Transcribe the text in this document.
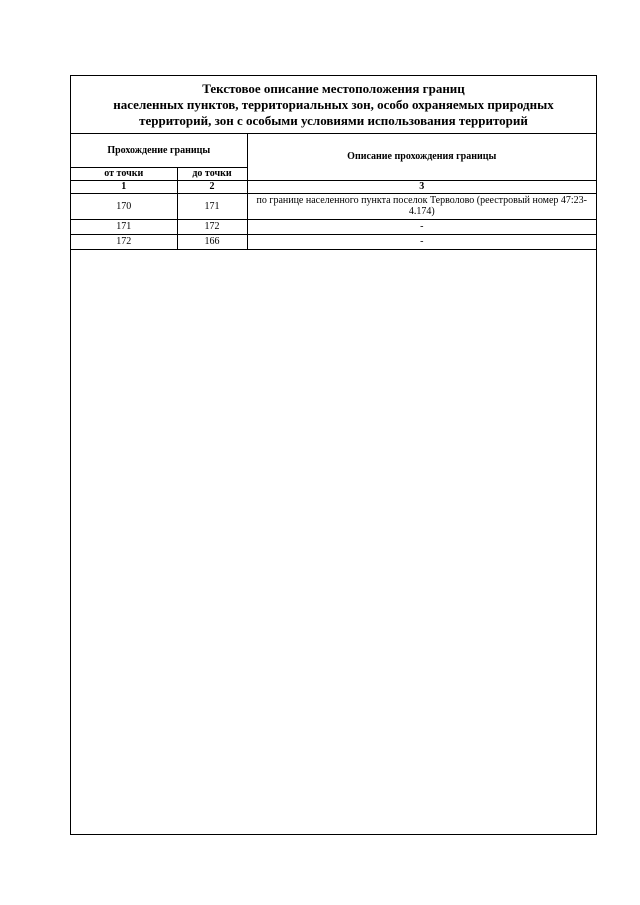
Текстовое описание местоположения границ
населенных пунктов, территориальных зон, особо охраняемых природных
территорий, зон с особыми условиями использования территорий
Прохождение границы		Описание прохождения границы
от точки	до точки	
1	2	3
170	171	по границе населенного пункта поселок Терволово (реестровый номер 47:23-4.174)
171	172	-
172	166	-
